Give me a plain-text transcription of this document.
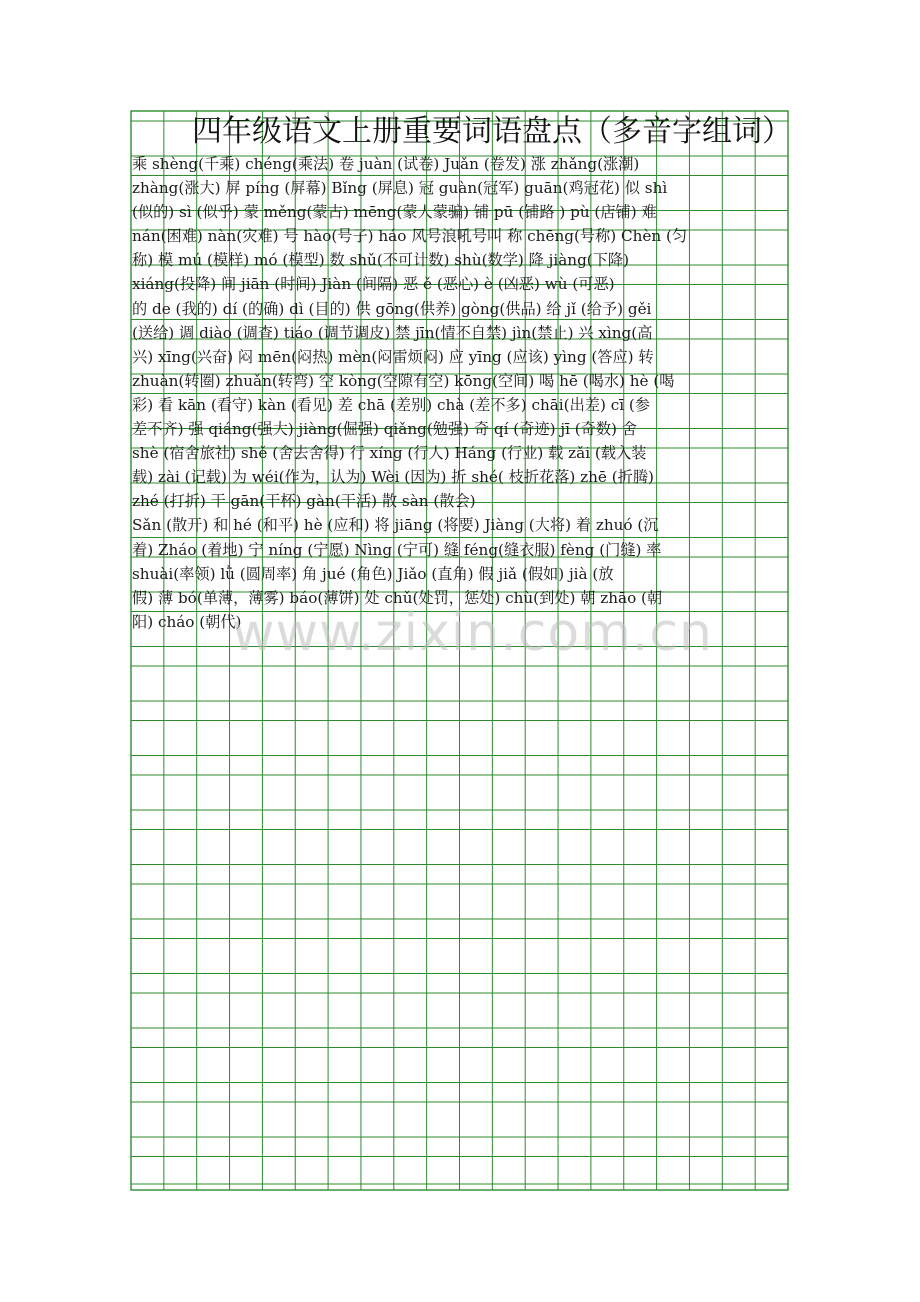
四年级语文上册重要词语盘点（多音字组词）
乘 shèng(千乘) chéng(乘法) 卷 juàn (试卷) Juǎn (卷发) 涨 zhǎng(涨潮)
zhàng(涨大) 屏 píng (屏幕) Bǐng (屏息) 冠 guàn(冠军) guān(鸡冠花) 似 shì
(似的) sì (似乎) 蒙 měng(蒙古) mēng(蒙人蒙骗) 铺 pū (铺路 ) pù (店铺) 难
nán(困难) nàn(灾难) 号 hào(号子) háo 风号浪吼号叫 称 chēng(号称) Chèn (匀
称) 模 mú (模样) mó (模型) 数 shǔ(不可计数) shù(数学) 降 jiàng(下降)
xiáng(投降) 间 jiān (时间) Jiàn (间隔) 恶 ě (恶心) è (凶恶) wù (可恶)
的 de (我的) dí (的确) dì (目的) 供 gōng(供养) gòng(供品) 给 jǐ (给予) gěi
(送给) 调 diào (调查) tiáo (调节调皮) 禁 jīn(情不自禁) jìn(禁止) 兴 xìng(高
兴) xīng(兴奋) 闷 mēn(闷热) mèn(闷雷烦闷) 应 yīng (应该) yìng (答应) 转
zhuàn(转圈) zhuǎn(转弯) 空 kòng(空隙有空) kōng(空间) 喝 hē (喝水) hè (喝
彩) 看 kān (看守) kàn (看见) 差 chā (差别) chà (差不多) chāi(出差) cī (参
差不齐) 强 qiáng(强大) jiàng(倔强) qiǎng(勉强) 奇 qí (奇迹) jī (奇数) 舍
shè (宿舍旅社) shě (舍去舍得) 行 xíng (行人) Háng (行业) 载 zǎi (载入装
载) zài (记载) 为 wéi(作为，认为) Wèi (因为) 折 shé( 枝折花落) zhē (折腾)
zhé (打折) 干 gān(干杯) gàn(干活) 散 sàn (散会)
Sǎn (散开) 和 hé (和平) hè (应和) 将 jiāng (将要) Jiàng (大将) 着 zhuó (沉
着) Zháo (着地) 宁 níng (宁愿) Nìng (宁可) 缝 féng(缝衣服) fèng (门缝) 率
shuài(率领) lǜ (圆周率) 角 jué (角色) Jiǎo (直角) 假 jiǎ (假如) jià (放
假) 薄 bó(单薄，薄雾) báo(薄饼) 处 chǔ(处罚，惩处) chù(到处) 朝 zhāo (朝
阳) cháo (朝代)
www.zixin.com.cn
